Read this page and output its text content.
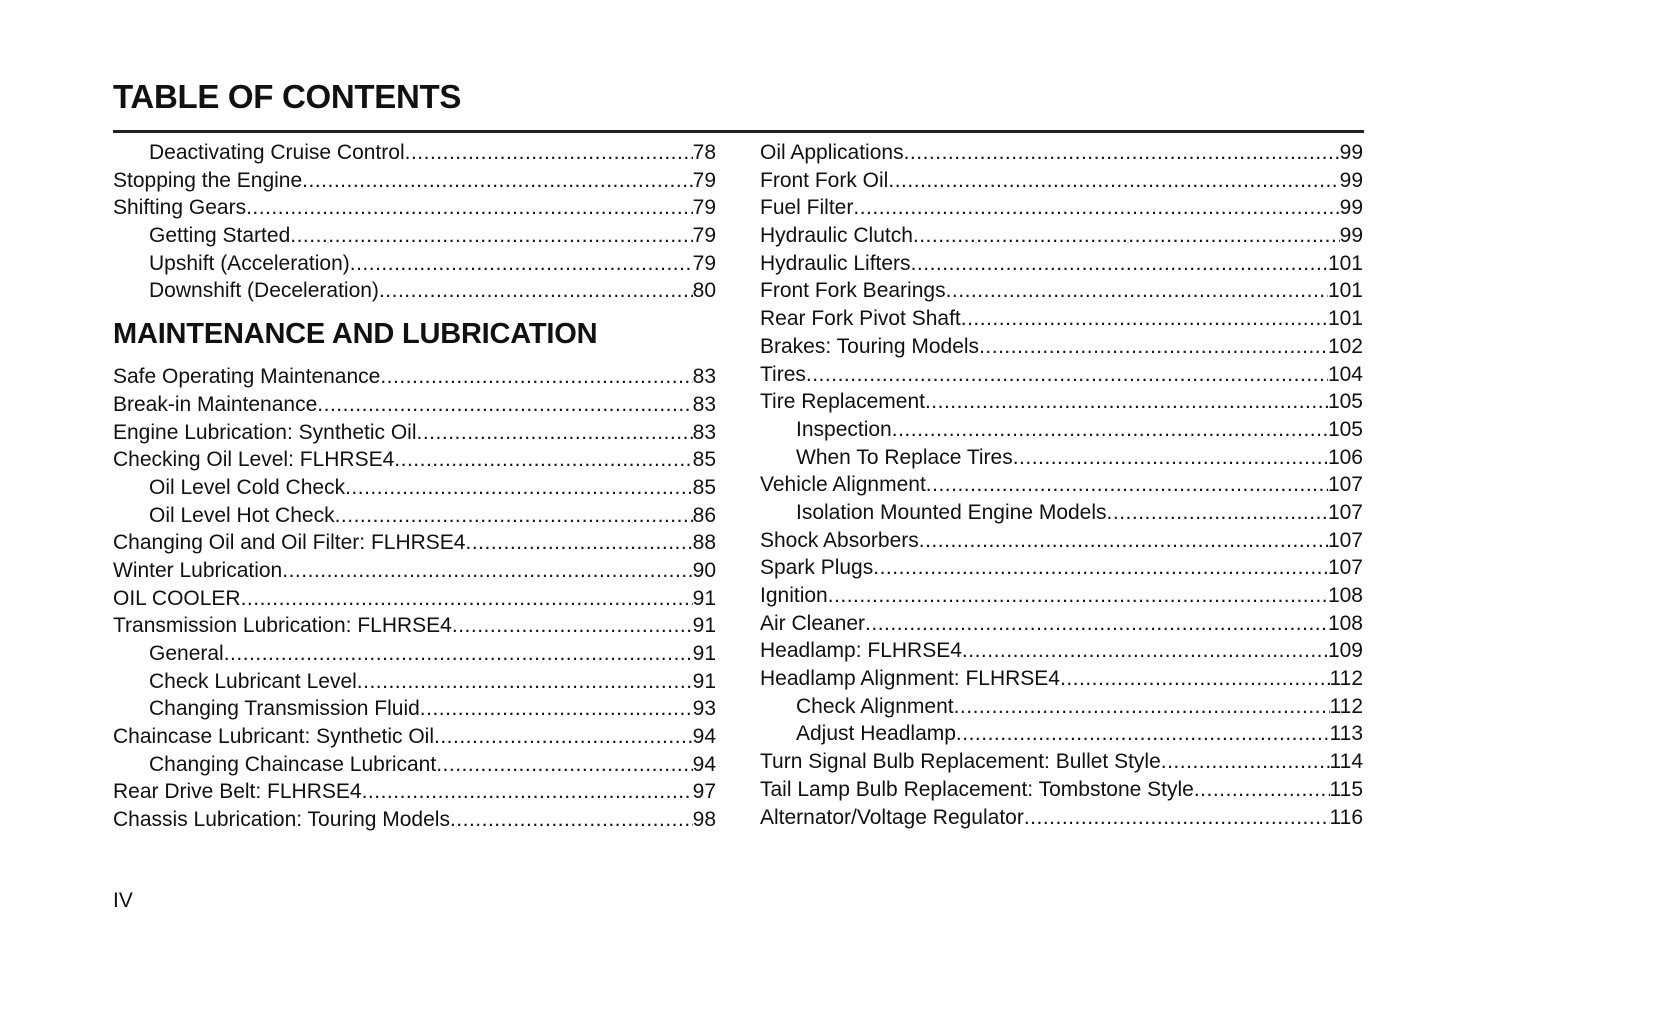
TABLE OF CONTENTS
Deactivating Cruise Control .....	78
Stopping the Engine .....	79
Shifting Gears .....	79
Getting Started .....	79
Upshift (Acceleration) .....	79
Downshift (Deceleration) .....	80
MAINTENANCE AND LUBRICATION
Safe Operating Maintenance .....	83
Break-in Maintenance .....	83
Engine Lubrication: Synthetic Oil .....	83
Checking Oil Level: FLHRSE4 .....	85
Oil Level Cold Check .....	85
Oil Level Hot Check .....	86
Changing Oil and Oil Filter: FLHRSE4 .....	88
Winter Lubrication .....	90
OIL COOLER .....	91
Transmission Lubrication: FLHRSE4 .....	91
General .....	91
Check Lubricant Level .....	91
Changing Transmission Fluid .....	93
Chaincase Lubricant: Synthetic Oil .....	94
Changing Chaincase Lubricant .....	94
Rear Drive Belt: FLHRSE4 .....	97
Chassis Lubrication: Touring Models .....	98
Oil Applications .....	99
Front Fork Oil .....	99
Fuel Filter .....	99
Hydraulic Clutch .....	99
Hydraulic Lifters .....	101
Front Fork Bearings .....	101
Rear Fork Pivot Shaft .....	101
Brakes: Touring Models .....	102
Tires .....	104
Tire Replacement .....	105
Inspection .....	105
When To Replace Tires .....	106
Vehicle Alignment .....	107
Isolation Mounted Engine Models .....	107
Shock Absorbers .....	107
Spark Plugs .....	107
Ignition .....	108
Air Cleaner .....	108
Headlamp: FLHRSE4 .....	109
Headlamp Alignment: FLHRSE4 .....	112
Check Alignment .....	112
Adjust Headlamp .....	113
Turn Signal Bulb Replacement: Bullet Style .....	114
Tail Lamp Bulb Replacement: Tombstone Style .....	115
Alternator/Voltage Regulator .....	116
IV
